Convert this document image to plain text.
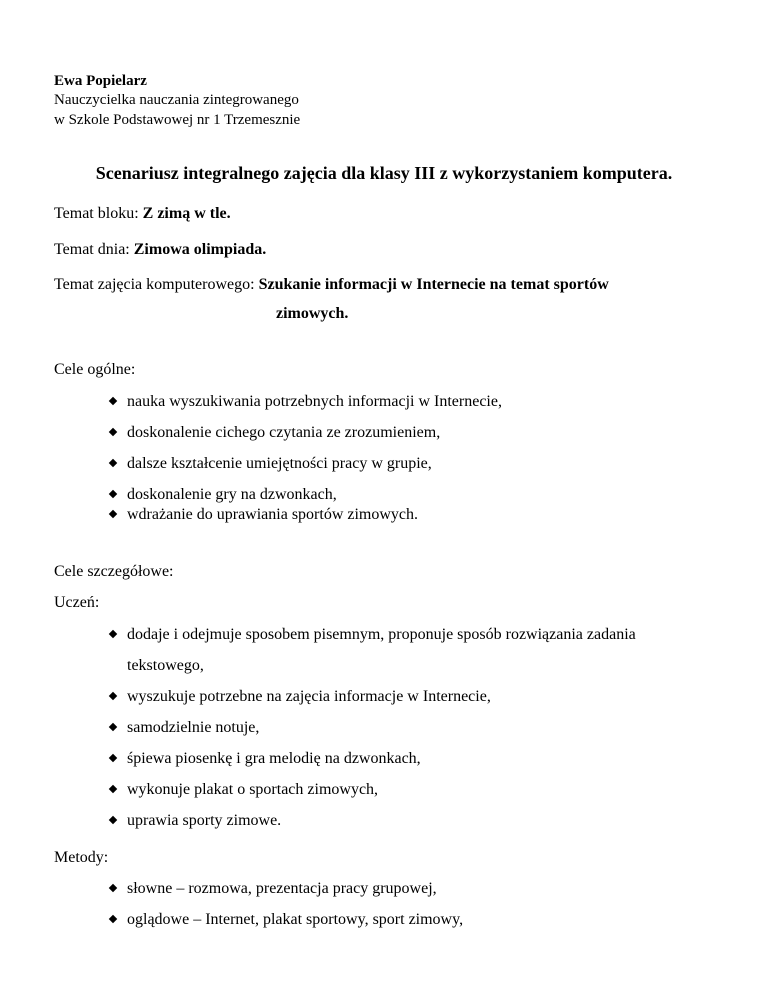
Ewa Popielarz
Nauczycielka nauczania zintegrowanego
w Szkole Podstawowej nr 1 Trzemesznie
Scenariusz integralnego zajęcia dla klasy III z wykorzystaniem komputera.
Temat bloku: Z zimą w tle.
Temat dnia: Zimowa olimpiada.
Temat zajęcia komputerowego: Szukanie informacji w Internecie na temat sportów
zimowych.
Cele ogólne:
nauka wyszukiwania potrzebnych informacji w Internecie,
doskonalenie cichego czytania ze zrozumieniem,
dalsze kształcenie umiejętności pracy w grupie,
doskonalenie gry na dzwonkach,
wdrażanie do uprawiania sportów zimowych.
Cele szczegółowe:
Uczeń:
dodaje i odejmuje sposobem pisemnym, proponuje sposób rozwiązania zadania
tekstowego,
wyszukuje potrzebne na zajęcia informacje w Internecie,
samodzielnie notuje,
śpiewa piosenkę i gra melodię na dzwonkach,
wykonuje plakat o sportach zimowych,
uprawia sporty zimowe.
Metody:
słowne – rozmowa, prezentacja pracy grupowej,
oglądowe – Internet, plakat sportowy, sport zimowy,
